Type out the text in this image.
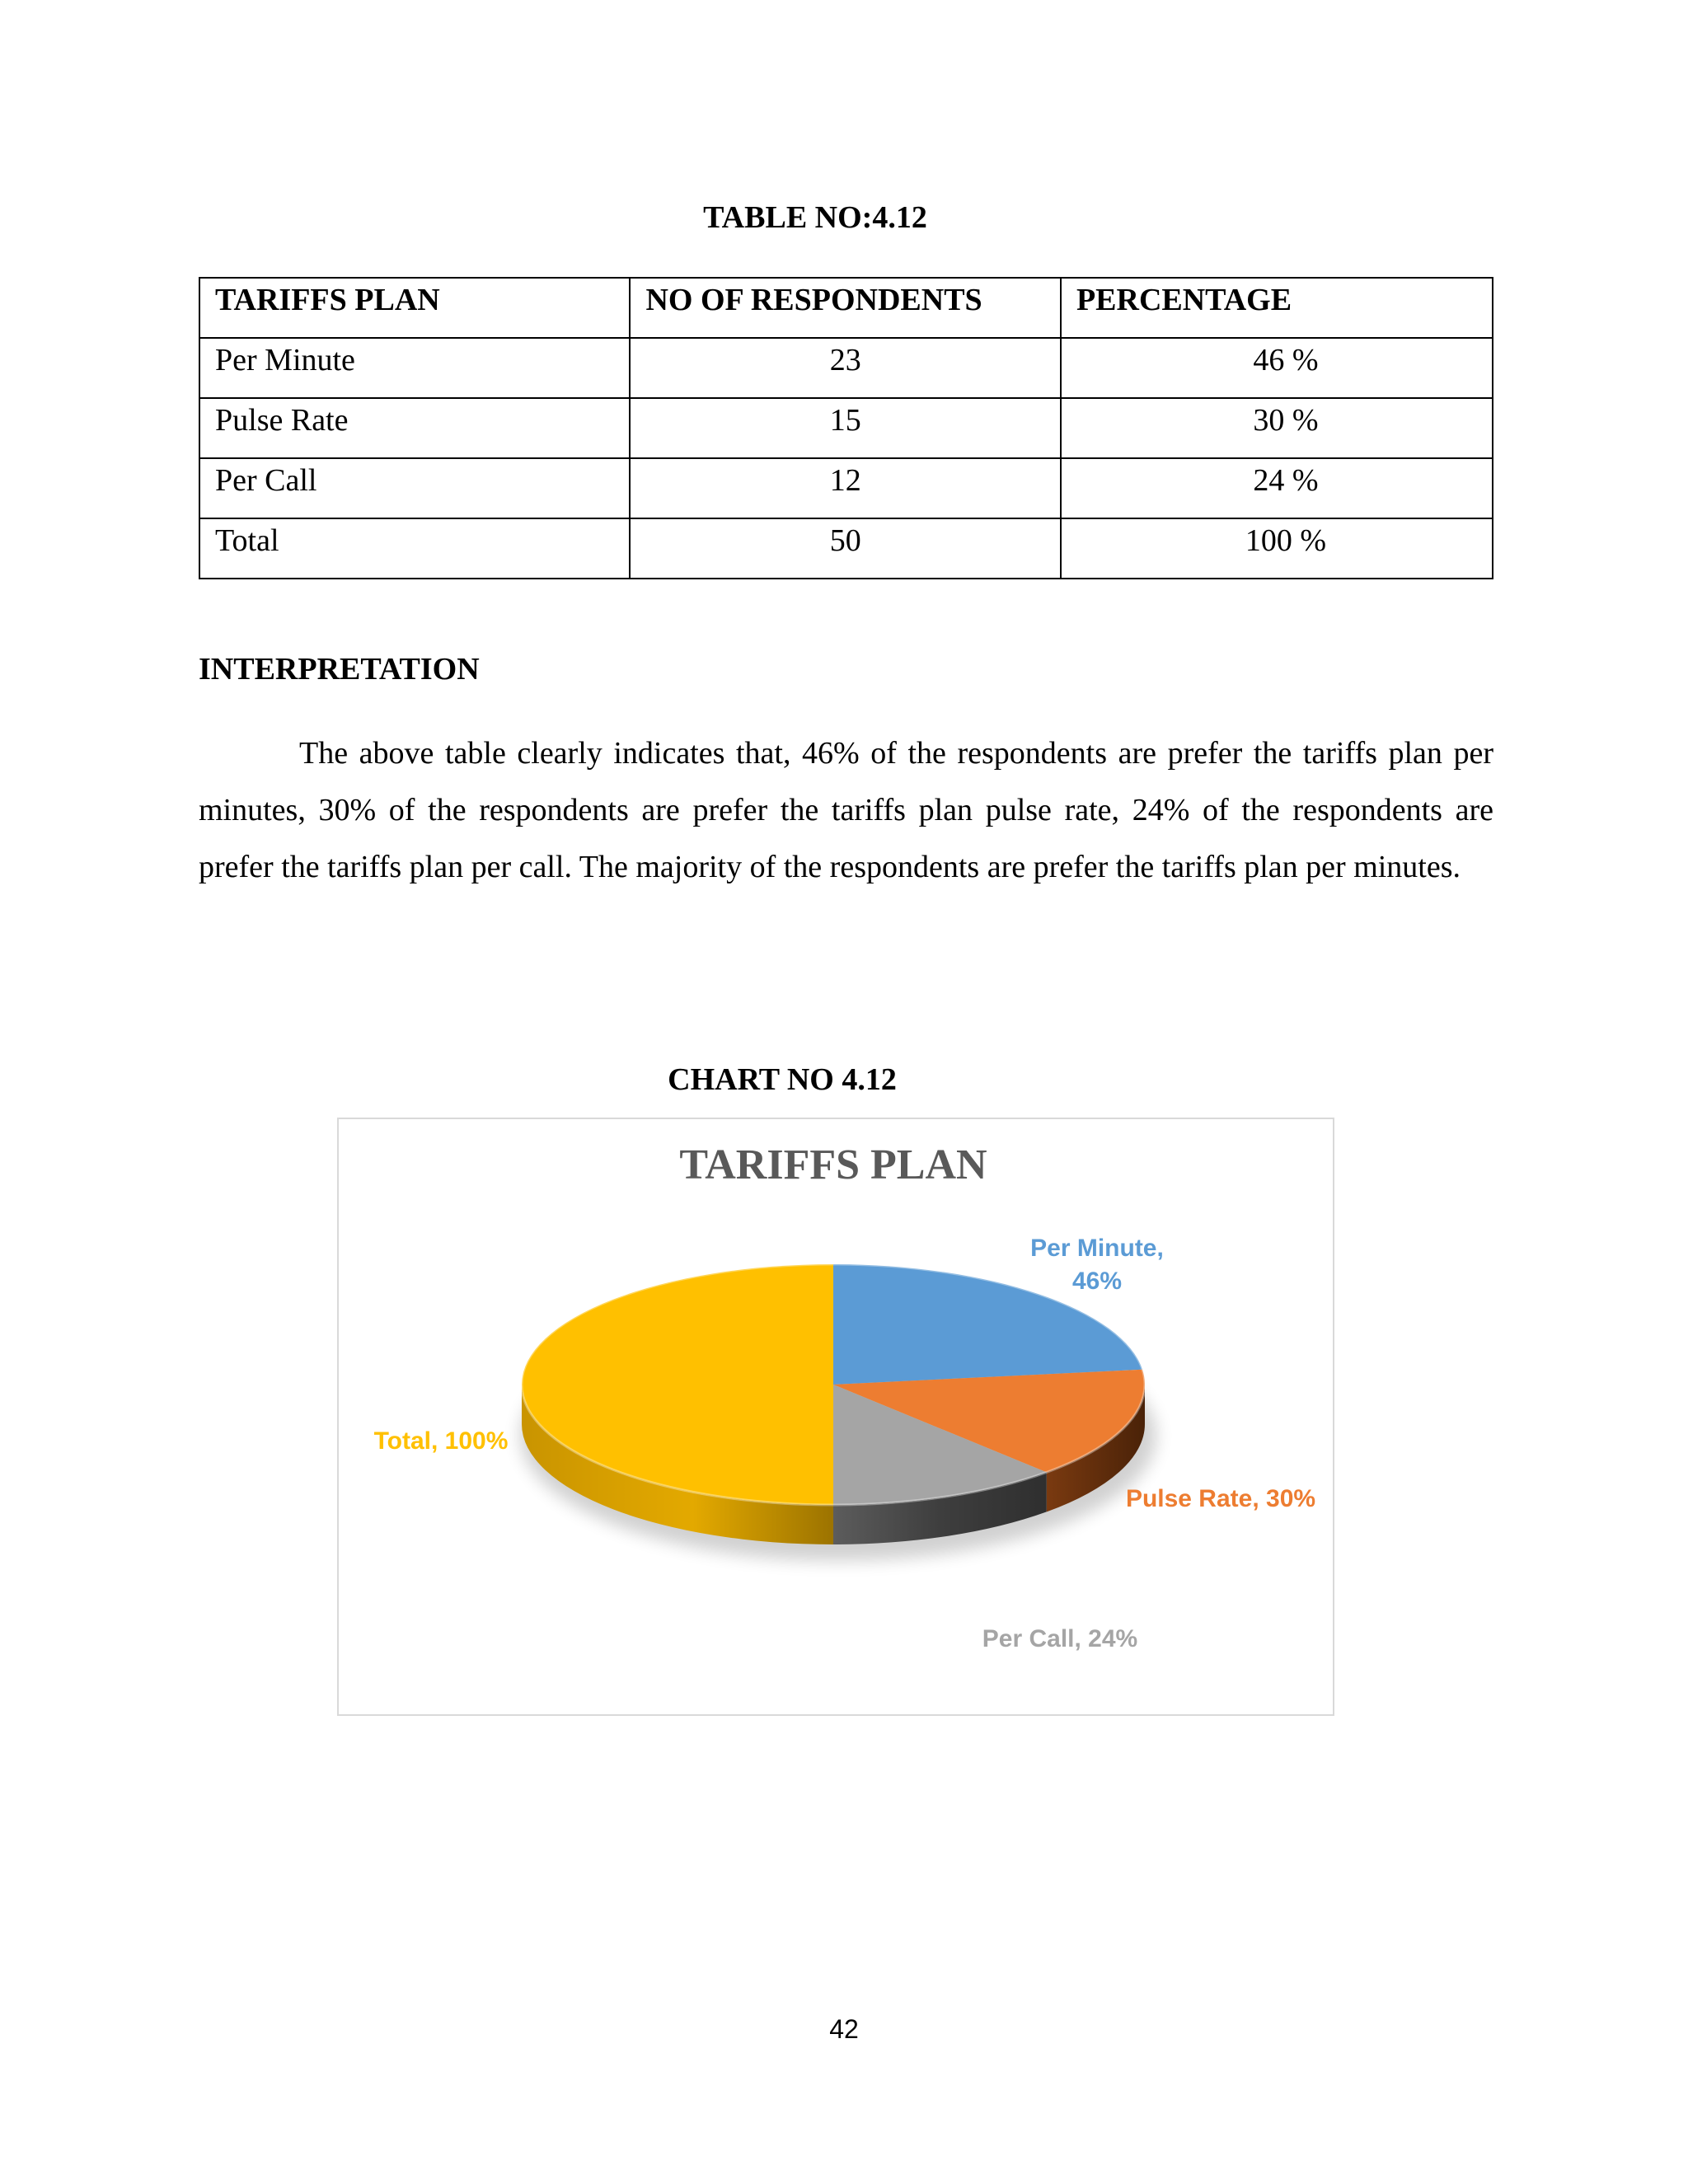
TABLE NO:4.12
TARIFFS PLAN	NO OF RESPONDENTS	PERCENTAGE
Per Minute	23	46 %
Pulse Rate	15	30 %
Per Call	12	24 %
Total	50	100 %
INTERPRETATION

The above table clearly indicates that, 46% of the respondents are prefer the tariffs plan per minutes, 30% of the respondents are prefer the tariffs plan pulse rate, 24% of the respondents are prefer the tariffs plan per call. The majority of the respondents are prefer the tariffs plan per minutes.

CHART NO 4.12
TARIFFS PLAN
Per Minute, 46%
Pulse Rate, 30%
Per Call, 24%
Total, 100%
42
